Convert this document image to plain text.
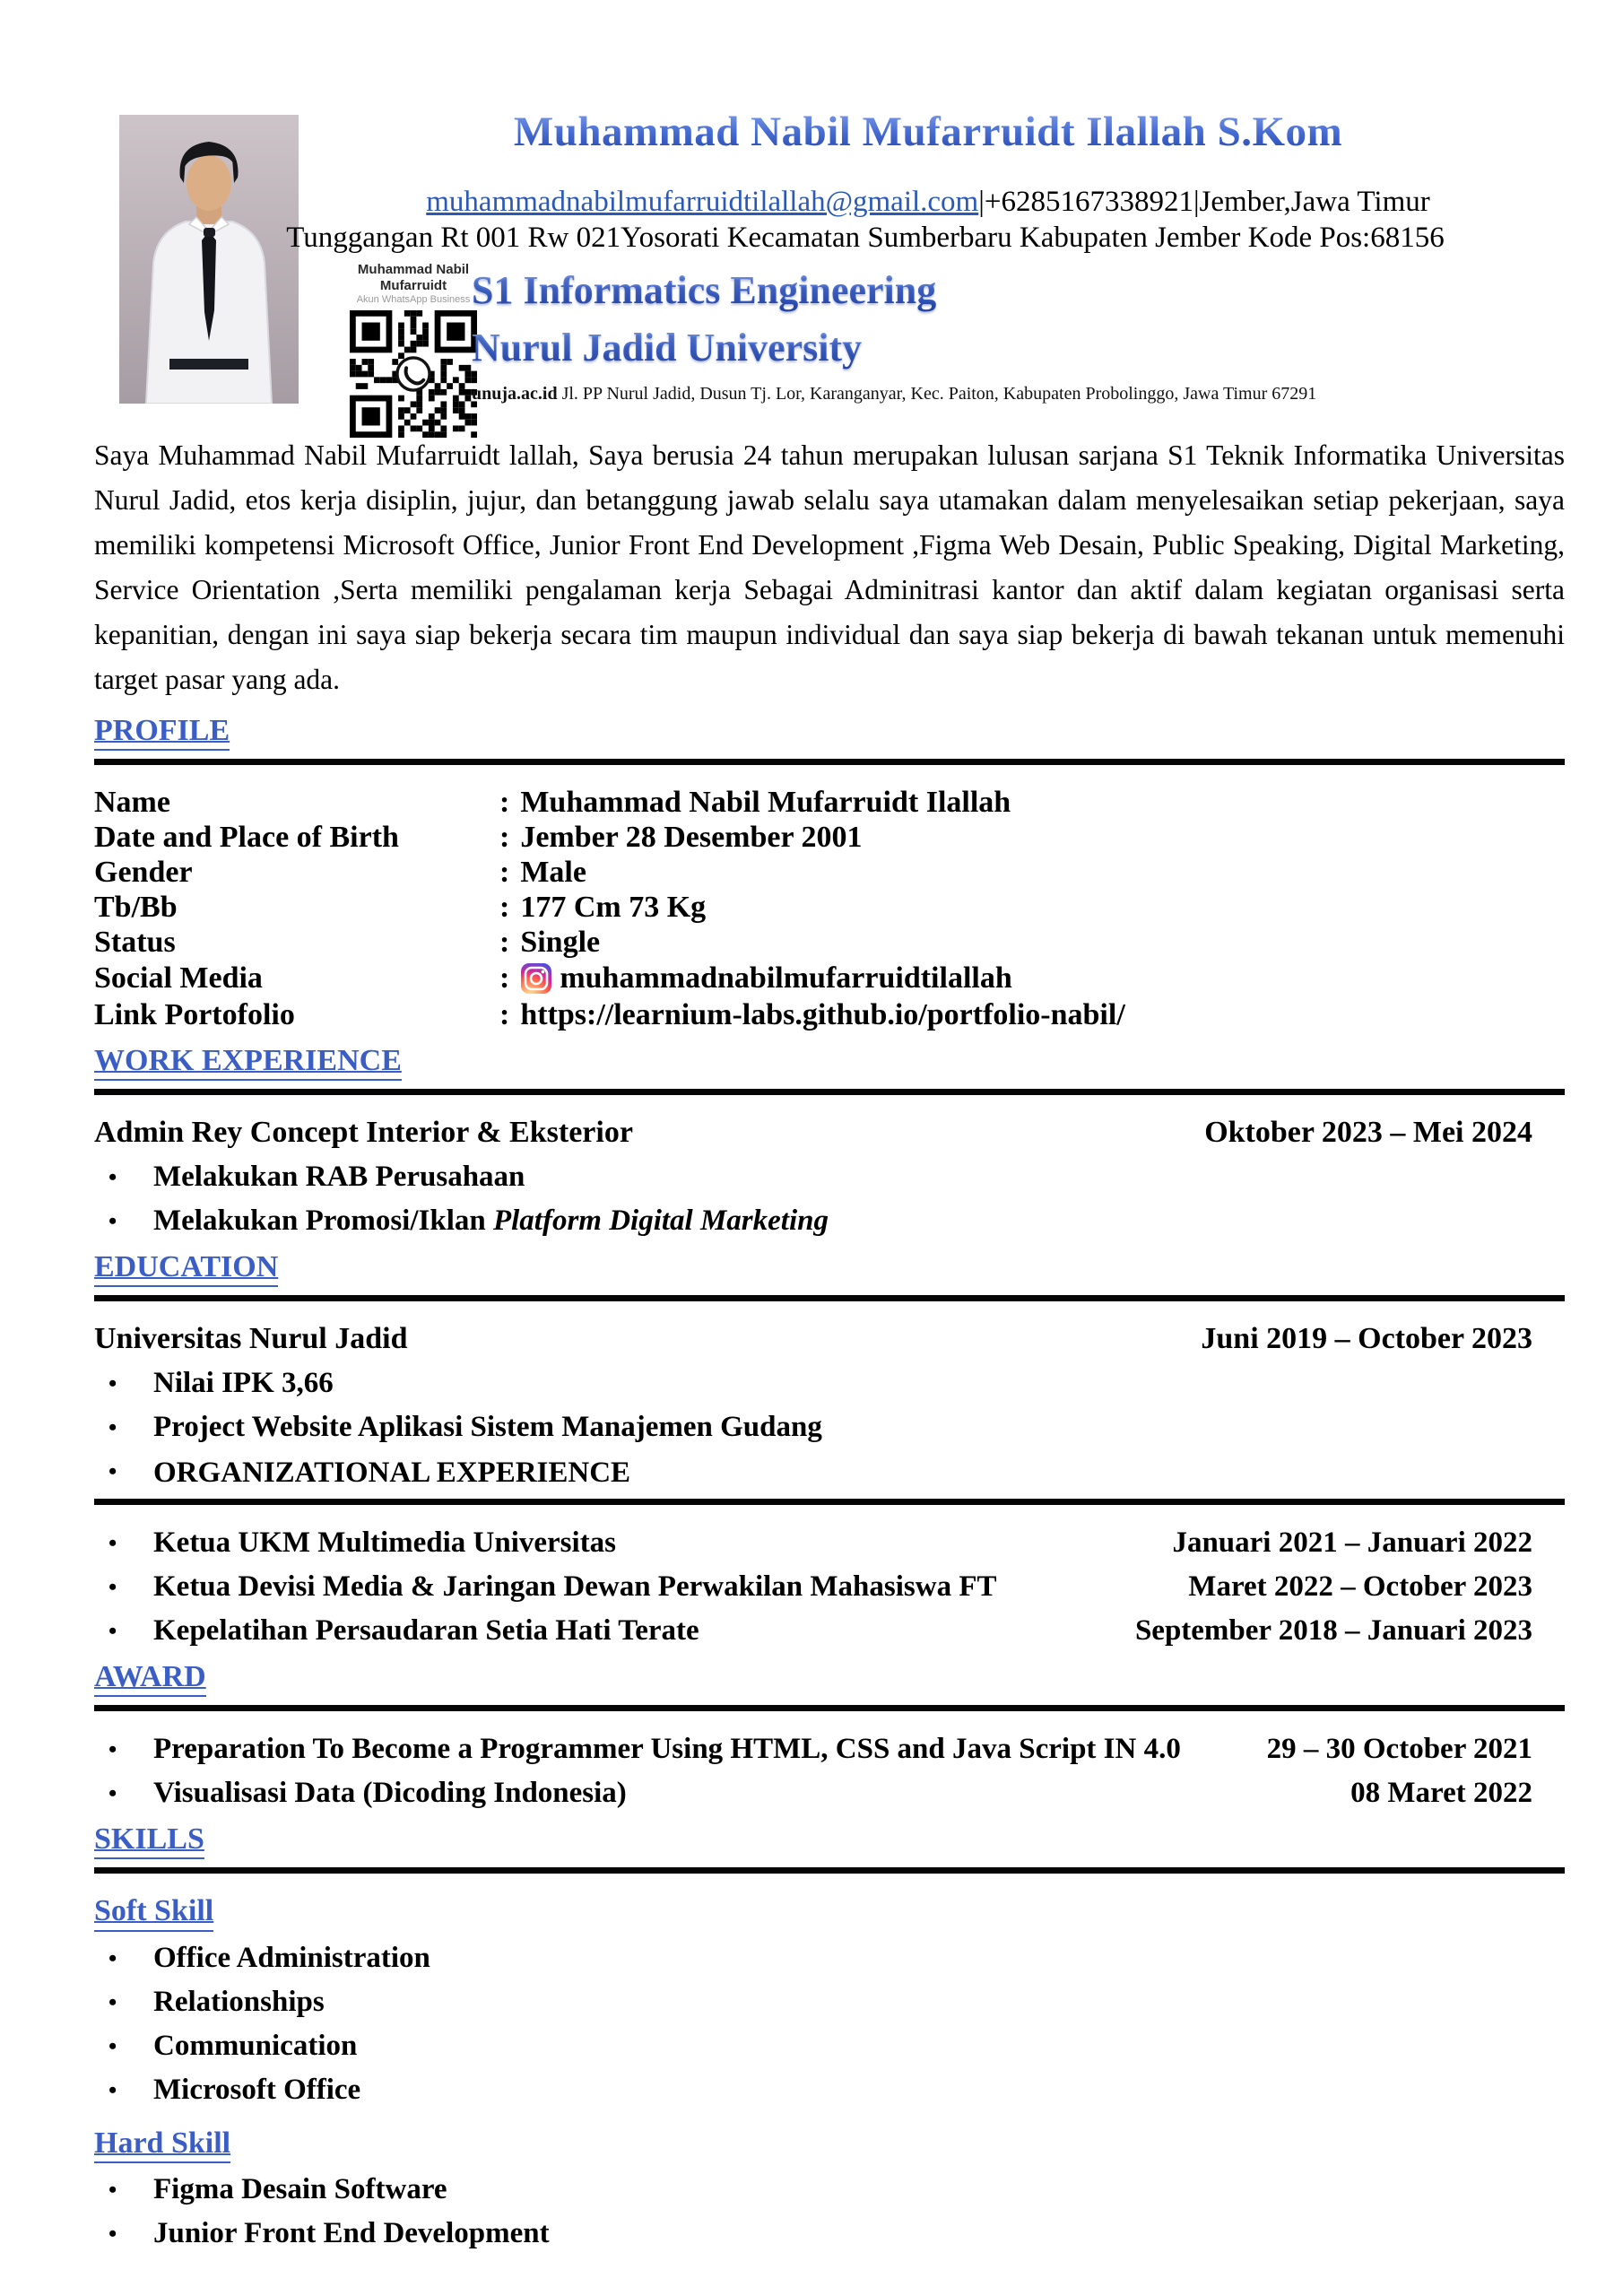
Muhammad Nabil Mufarruidt Ilallah S.Kom
muhammadnabilmufarruidtilallah@gmail.com|+6285167338921|Jember,Jawa Timur
Tunggangan Rt 001 Rw 021Yosorati Kecamatan Sumberbaru Kabupaten Jember Kode Pos:68156
Muhammad Nabil Mufarruidt
Akun WhatsApp Business S1 Informatics Engineering
Nurul Jadid University
unuja.ac.id Jl. PP Nurul Jadid, Dusun Tj. Lor, Karanganyar, Kec. Paiton, Kabupaten Probolinggo, Jawa Timur 67291

Saya Muhammad Nabil Mufarruidt lallah, Saya berusia 24 tahun merupakan lulusan sarjana S1 Teknik Informatika Universitas Nurul Jadid, etos kerja disiplin, jujur, dan betanggung jawab selalu saya utamakan dalam menyelesaikan setiap pekerjaan, saya memiliki kompetensi Microsoft Office, Junior Front End Development ,Figma Web Desain, Public Speaking, Digital Marketing, Service Orientation ,Serta memiliki pengalaman kerja Sebagai Adminitrasi kantor dan aktif dalam kegiatan organisasi serta kepanitian, dengan ini saya siap bekerja secara tim maupun individual dan saya siap bekerja di bawah tekanan untuk memenuhi target pasar yang ada.

PROFILE
Name	: Muhammad Nabil Mufarruidt Ilallah
Date and Place of Birth	: Jember 28 Desember 2001
Gender	: Male
Tb/Bb	: 177 Cm 73 Kg
Status	: Single
Social Media	: muhammadnabilmufarruidtilallah
Link Portofolio	: https://learnium-labs.github.io/portfolio-nabil/
WORK EXPERIENCE
Admin Rey Concept Interior & Eksterior	Oktober 2023 – Mei 2024
• Melakukan RAB Perusahaan
• Melakukan Promosi/Iklan Platform Digital Marketing
EDUCATION
Universitas Nurul Jadid	Juni 2019 – October 2023
• Nilai IPK 3,66
• Project Website Aplikasi Sistem Manajemen Gudang
• ORGANIZATIONAL EXPERIENCE
• Ketua UKM Multimedia Universitas	Januari 2021 – Januari 2022
• Ketua Devisi Media & Jaringan Dewan Perwakilan Mahasiswa FT	Maret 2022 – October 2023
• Kepelatihan Persaudaran Setia Hati Terate	September 2018 – Januari 2023
AWARD
• Preparation To Become a Programmer Using HTML, CSS and Java Script IN 4.0	29 – 30 October 2021
• Visualisasi Data (Dicoding Indonesia)	08 Maret 2022
SKILLS
Soft Skill
• Office Administration
• Relationships
• Communication
• Microsoft Office
Hard Skill
• Figma Desain Software
• Junior Front End Development
